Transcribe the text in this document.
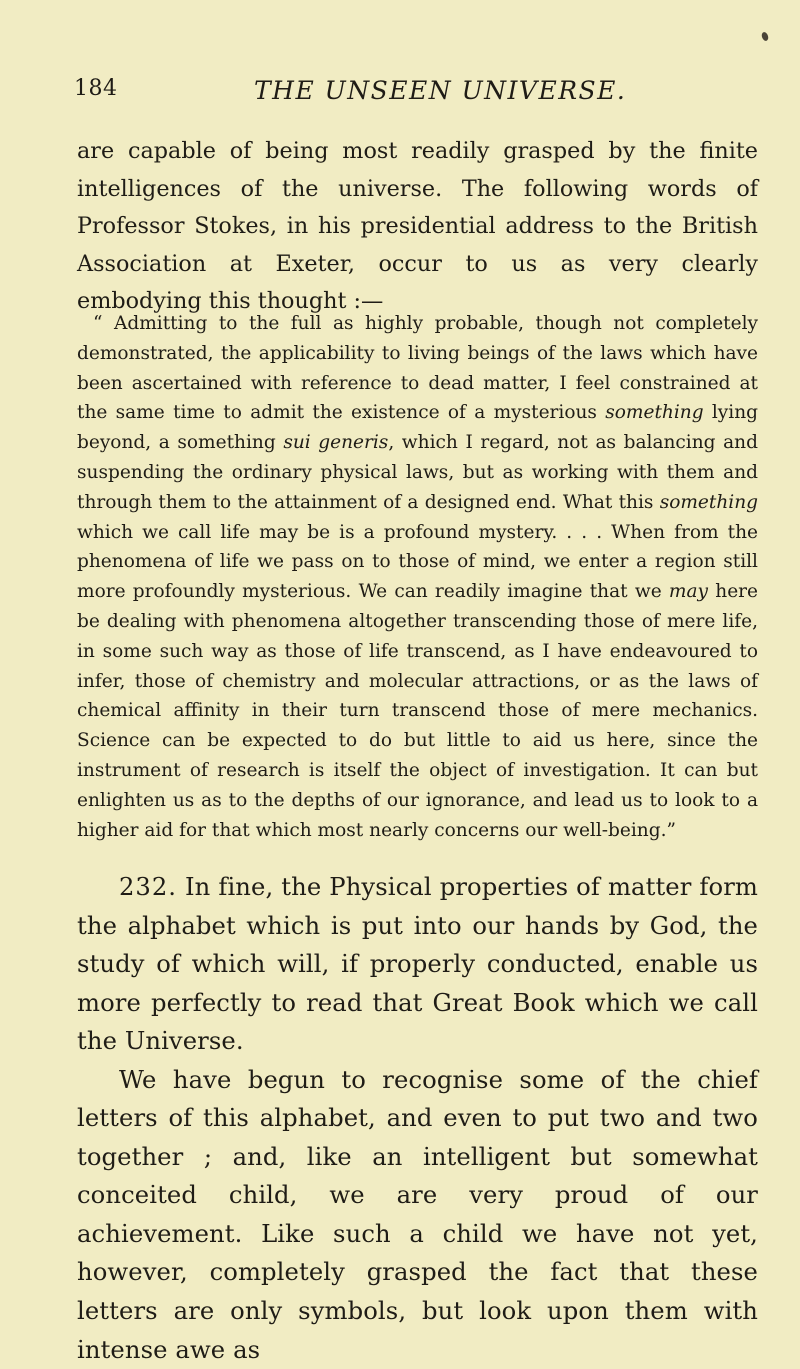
184	THE UNSEEN UNIVERSE.

are capable of being most readily grasped by the finite intelligences of the universe. The following words of Professor Stokes, in his presidential address to the British Association at Exeter, occur to us as very clearly embodying this thought :—

“ Admitting to the full as highly probable, though not completely demonstrated, the applicability to living beings of the laws which have been ascertained with reference to dead matter, I feel constrained at the same time to admit the existence of a mysterious something lying beyond, a something sui generis, which I regard, not as balancing and suspending the ordinary physical laws, but as working with them and through them to the attainment of a designed end. What this something which we call life may be is a profound mystery. . . . When from the phenomena of life we pass on to those of mind, we enter a region still more profoundly mysterious. We can readily imagine that we may here be dealing with phenomena altogether transcending those of mere life, in some such way as those of life transcend, as I have endeavoured to infer, those of chemistry and molecular attractions, or as the laws of chemical affinity in their turn transcend those of mere mechanics. Science can be expected to do but little to aid us here, since the instrument of research is itself the object of investigation. It can but enlighten us as to the depths of our ignorance, and lead us to look to a higher aid for that which most nearly concerns our well-being.”

232. In fine, the Physical properties of matter form the alphabet which is put into our hands by God, the study of which will, if properly conducted, enable us more perfectly to read that Great Book which we call the Universe.

We have begun to recognise some of the chief letters of this alphabet, and even to put two and two together ; and, like an intelligent but somewhat conceited child, we are very proud of our achievement. Like such a child we have not yet, however, completely grasped the fact that these letters are only symbols, but look upon them with intense awe as
